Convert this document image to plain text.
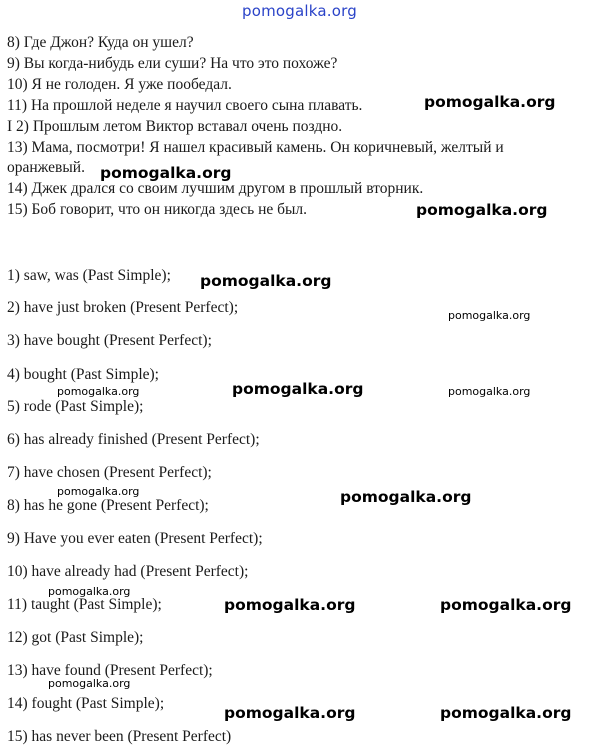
pomogalka.org
8) Где Джон? Куда он ушел?
9) Вы когда-нибудь ели суши? На что это похоже?
10) Я не голоден. Я уже пообедал.
11) На прошлой неделе я научил своего сына плавать.
I 2) Прошлым летом Виктор вставал очень поздно.
13) Мама, посмотри! Я нашел красивый камень. Он коричневый, желтый и
оранжевый.
14) Джек дрался со своим лучшим другом в прошлый вторник.
15) Боб говорит, что он никогда здесь не был.
1) saw, was (Past Simple);
2) have just broken (Present Perfect);
3) have bought (Present Perfect);
4) bought (Past Simple);
5) rode (Past Simple);
6) has already finished (Present Perfect);
7) have chosen (Present Perfect);
8) has he gone (Present Perfect);
9) Have you ever eaten (Present Perfect);
10) have already had (Present Perfect);
11) taught (Past Simple);
12) got (Past Simple);
13) have found (Present Perfect);
14) fought (Past Simple);
15) has never been (Present Perfect)
pomogalka.org
pomogalka.org
pomogalka.org
pomogalka.org
pomogalka.org
pomogalka.org	pomogalka.org	pomogalka.org
pomogalka.org	pomogalka.org
pomogalka.org
pomogalka.org	pomogalka.org
pomogalka.org
pomogalka.org	pomogalka.org
